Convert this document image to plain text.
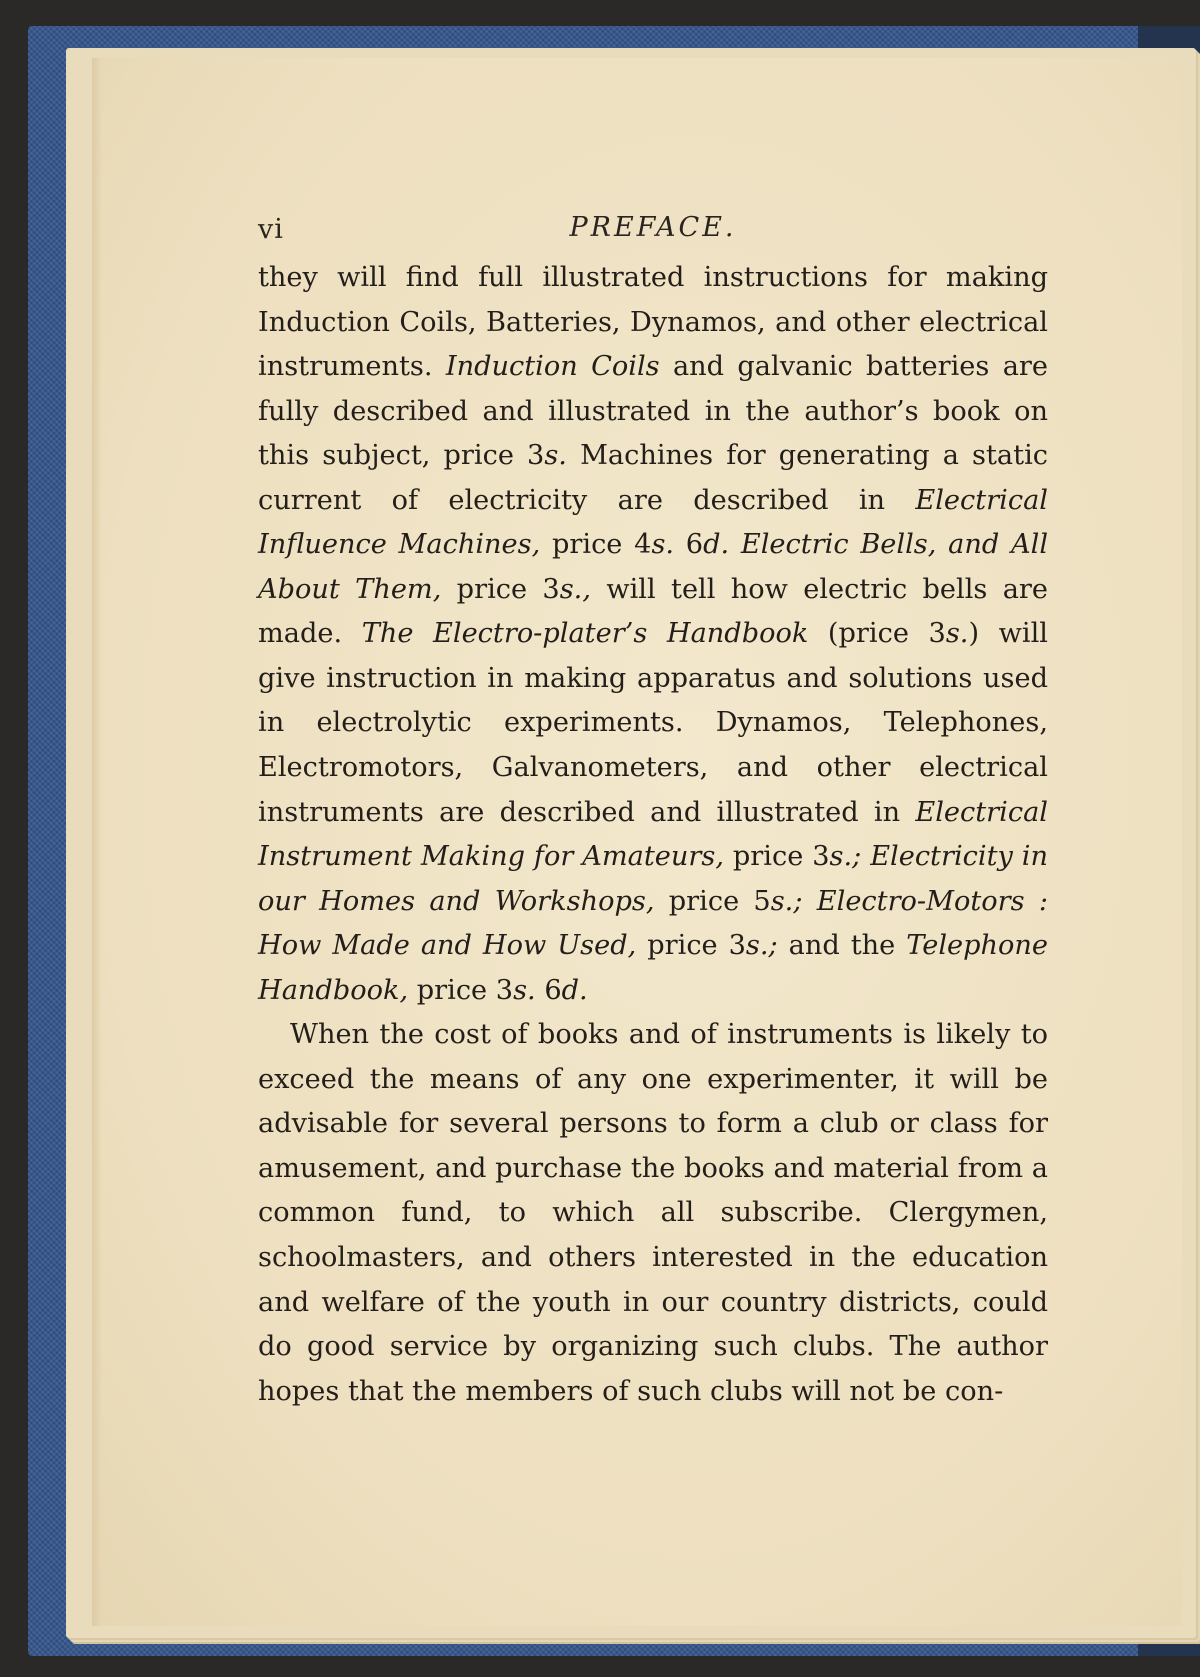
vi	PREFACE.

they will find full illustrated instructions for making Induction Coils, Batteries, Dynamos, and other electrical instruments. Induction Coils and galvanic batteries are fully described and illustrated in the author’s book on this subject, price 3s. Machines for generating a static current of electricity are described in Electrical Influence Machines, price 4s. 6d. Electric Bells, and All About Them, price 3s., will tell how electric bells are made. The Electro-plater’s Handbook (price 3s.) will give instruction in making apparatus and solutions used in electrolytic experiments. Dynamos, Telephones, Electromotors, Galvanometers, and other electrical instruments are described and illustrated in Electrical Instrument Making for Amateurs, price 3s.; Electricity in our Homes and Workshops, price 5s.; Electro-Motors : How Made and How Used, price 3s.; and the Telephone Handbook, price 3s. 6d.

When the cost of books and of instruments is likely to exceed the means of any one experimenter, it will be advisable for several persons to form a club or class for amusement, and purchase the books and material from a common fund, to which all subscribe. Clergymen, schoolmasters, and others interested in the education and welfare of the youth in our country districts, could do good service by organizing such clubs. The author hopes that the members of such clubs will not be con-
